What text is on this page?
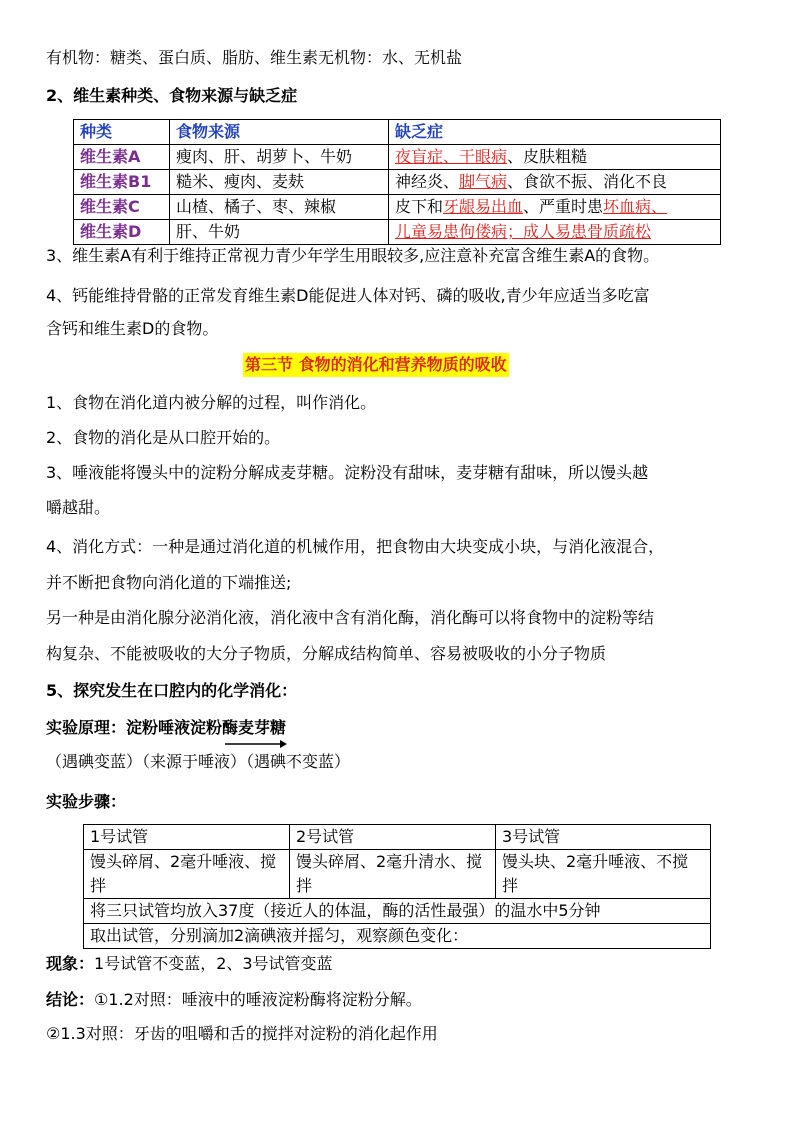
有机物：糖类、蛋白质、脂肪、维生素无机物：水、无机盐
2、维生素种类、食物来源与缺乏症
种类	食物来源	缺乏症
维生素A	瘦肉、肝、胡萝卜、牛奶	夜盲症、干眼病、皮肤粗糙
维生素B1	糙米、瘦肉、麦麸	神经炎、脚气病、食欲不振、消化不良
维生素C	山楂、橘子、枣、辣椒	皮下和牙龈易出血、严重时患坏血病、
维生素D	肝、牛奶	儿童易患佝偻病；成人易患骨质疏松
3、维生素A有利于维持正常视力青少年学生用眼较多,应注意补充富含维生素A的食物。
4、钙能维持骨骼的正常发育维生素D能促进人体对钙、磷的吸收,青少年应适当多吃富
含钙和维生素D的食物。
第三节 食物的消化和营养物质的吸收
1、食物在消化道内被分解的过程，叫作消化。
2、食物的消化是从口腔开始的。
3、唾液能将馒头中的淀粉分解成麦芽糖。淀粉没有甜味，麦芽糖有甜味，所以馒头越
嚼越甜。
4、消化方式：一种是通过消化道的机械作用，把食物由大块变成小块，与消化液混合，
并不断把食物向消化道的下端推送;
另一种是由消化腺分泌消化液，消化液中含有消化酶，消化酶可以将食物中的淀粉等结
构复杂、不能被吸收的大分子物质，分解成结构简单、容易被吸收的小分子物质
5、探究发生在口腔内的化学消化：
实验原理：淀粉唾液淀粉酶麦芽糖
（遇碘变蓝）（来源于唾液）（遇碘不变蓝）
实验步骤：
1号试管	2号试管	3号试管
馒头碎屑、2毫升唾液、搅拌	馒头碎屑、2毫升清水、搅拌	馒头块、2毫升唾液、不搅拌
将三只试管均放入37度（接近人的体温，酶的活性最强）的温水中5分钟		
取出试管，分别滴加2滴碘液并摇匀，观察颜色变化：		
现象：1号试管不变蓝，2、3号试管变蓝
结论：①1.2对照：唾液中的唾液淀粉酶将淀粉分解。
②1.3对照：牙齿的咀嚼和舌的搅拌对淀粉的消化起作用
